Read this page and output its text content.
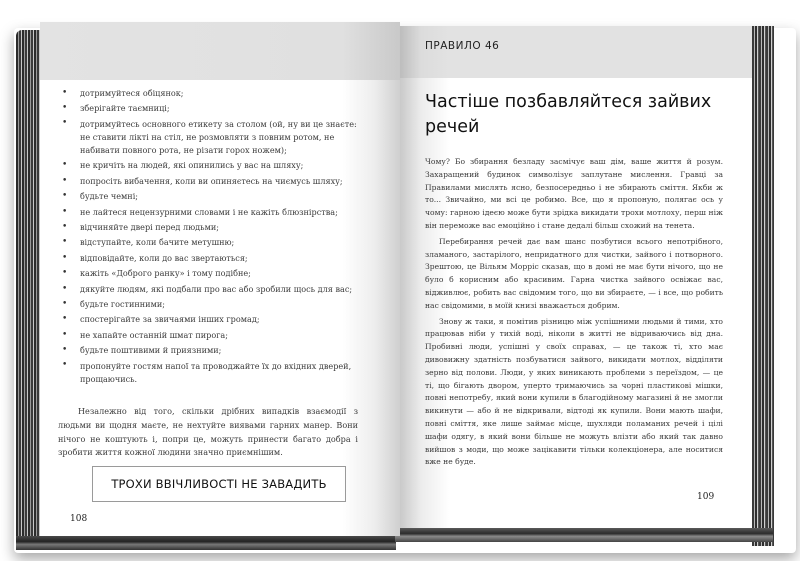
• дотримуйтеся обіцянок;
• зберігайте таємниці;
• дотримуйтесь основного етикету за столом (ой, ну ви це знаєте: не ставити лікті на стіл, не розмовляти з повним ротом, не набивати повного рота, не різати горох ножем);
• не кричіть на людей, які опинились у вас на шляху;
• попросіть вибачення, коли ви опиняєтесь на чиємусь шляху;
• будьте чемні;
• не лайтеся нецензурними словами і не кажіть блюзнірства;
• відчиняйте двері перед людьми;
• відступайте, коли бачите метушню;
• відповідайте, коли до вас звертаються;
• кажіть «Доброго ранку» і тому подібне;
• дякуйте людям, які подбали про вас або зробили щось для вас;
• будьте гостинними;
• спостерігайте за звичаями інших громад;
• не хапайте останній шмат пирога;
• будьте поштивими й приязними;
• пропонуйте гостям напої та проводжайте їх до вхідних дверей, прощаючись.

Незалежно від того, скільки дрібних випадків взаємодії з людьми ви щодня маєте, не нехтуйте виявами гарних манер. Вони нічого не коштують і, попри це, можуть принести багато добра і зробити життя кожної людини значно приємнішим.

ТРОХИ ВВІЧЛИВОСТІ НЕ ЗАВАДИТЬ
108
ПРАВИЛО 46
Частіше позбавляйтеся зайвих речей

Чому? Бо збирання безладу засмічує ваш дім, ваше життя й розум. Захаращений будинок символізує заплутане мислення. Гравці за Правилами мислять ясно, безпосередньо і не збирають сміття. Якби ж то... Звичайно, ми всі це робимо. Все, що я пропоную, полягає ось у чому: гарною ідеєю може бути зрідка викидати трохи мотлоху, перш ніж він переможе вас емоційно і стане дедалі більш схожий на тенета.

Перебирання речей дає вам шанс позбутися всього непотрібного, зламаного, застарілого, непридатного для чистки, зайвого і потворного. Зрештою, це Вільям Морріс сказав, що в домі не має бути нічого, що не було б корисним або красивим. Гарна чистка зайвого освіжає вас, відживлює, робить вас свідомим того, що ви збираєте, — і все, що робить нас свідомими, в моїй книзі вважається добрим.

Знову ж таки, я помітив різницю між успішними людьми й тими, хто працював ніби у тихій воді, ніколи в житті не відриваючись від дна. Пробивні люди, успішні у своїх справах, — це також ті, хто має дивовижну здатність позбуватися зайвого, викидати мотлох, відділяти зерно від полови. Люди, у яких виникають проблеми з переїздом, — це ті, що бігають двором, уперто тримаючись за чорні пластикові мішки, повні непотребу, який вони купили в благодійному магазині й не змогли викинути — або й не відкривали, відтоді як купили. Вони мають шафи, повні сміття, яке лише займає місце, шухляди поламаних речей і цілі шафи одягу, в який вони більше не можуть влізти або який так давно вийшов з моди, що може зацікавити тільки колекціонера, але носитися вже не буде.

109
